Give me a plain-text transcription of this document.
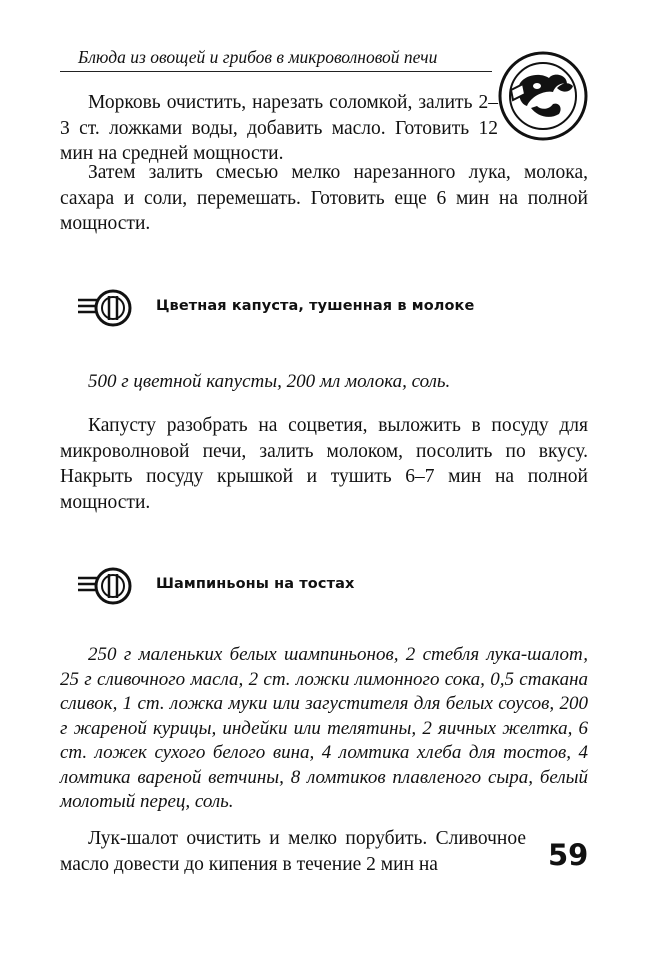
Блюда из овощей и грибов в микроволновой печи

Морковь очистить, нарезать соломкой, залить 2–3 ст. ложками воды, добавить масло. Готовить 12 мин на средней мощности.

Затем залить смесью мелко нарезанного лука, молока, сахара и соли, перемешать. Готовить еще 6 мин на полной мощности.

Цветная капуста, тушенная в молоке

500 г цветной капусты, 200 мл молока, соль.

Капусту разобрать на соцветия, выложить в посуду для микроволновой печи, залить молоком, посолить по вкусу. Накрыть посуду крышкой и тушить 6–7 мин на полной мощности.

Шампиньоны на тостах

250 г маленьких белых шампиньонов, 2 стебля лука-шалот, 25 г сливочного масла, 2 ст. ложки лимонного сока, 0,5 стакана сливок, 1 ст. ложка муки или загустителя для белых соусов, 200 г жареной курицы, индейки или телятины, 2 яичных желтка, 6 ст. ложек сухого белого вина, 4 ломтика хлеба для тостов, 4 ломтика вареной ветчины, 8 ломтиков плавленого сыра, белый молотый перец, соль.

Лук-шалот очистить и мелко порубить. Сливочное масло довести до кипения в течение 2 мин на	59
